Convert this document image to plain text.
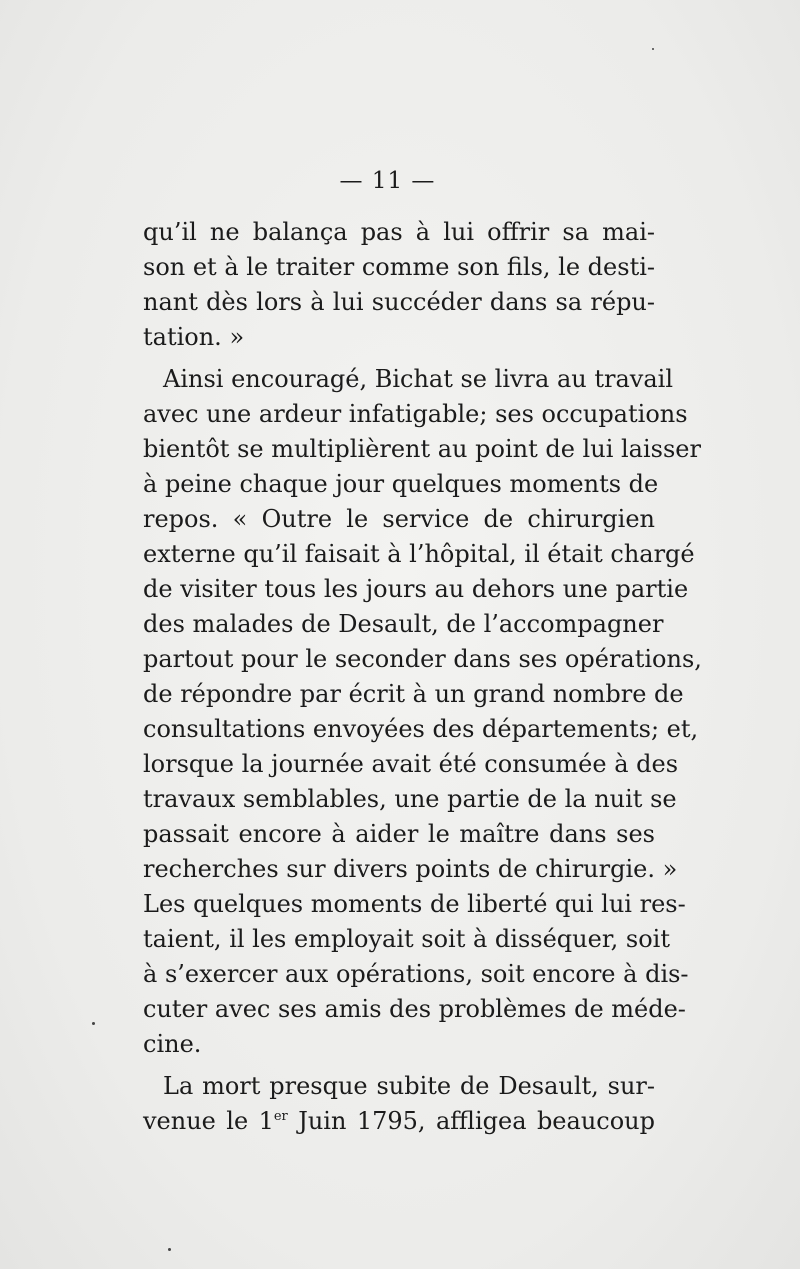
— 11 —
qu’il ne balança pas à lui offrir sa mai-
son et à le traiter comme son fils, le desti-
nant dès lors à lui succéder dans sa répu-
tation. »
Ainsi encouragé, Bichat se livra au travail
avec une ardeur infatigable; ses occupations
bientôt se multiplièrent au point de lui laisser
à peine chaque jour quelques moments de
repos. « Outre le service de chirurgien
externe qu’il faisait à l’hôpital, il était chargé
de visiter tous les jours au dehors une partie
des malades de Desault, de l’accompagner
partout pour le seconder dans ses opérations,
de répondre par écrit à un grand nombre de
consultations envoyées des départements; et,
lorsque la journée avait été consumée à des
travaux semblables, une partie de la nuit se
passait encore à aider le maître dans ses
recherches sur divers points de chirurgie. »
Les quelques moments de liberté qui lui res-
taient, il les employait soit à disséquer, soit
à s’exercer aux opérations, soit encore à dis-
cuter avec ses amis des problèmes de méde-
cine.
La mort presque subite de Desault, sur-
venue le 1er Juin 1795, affligea beaucoup
